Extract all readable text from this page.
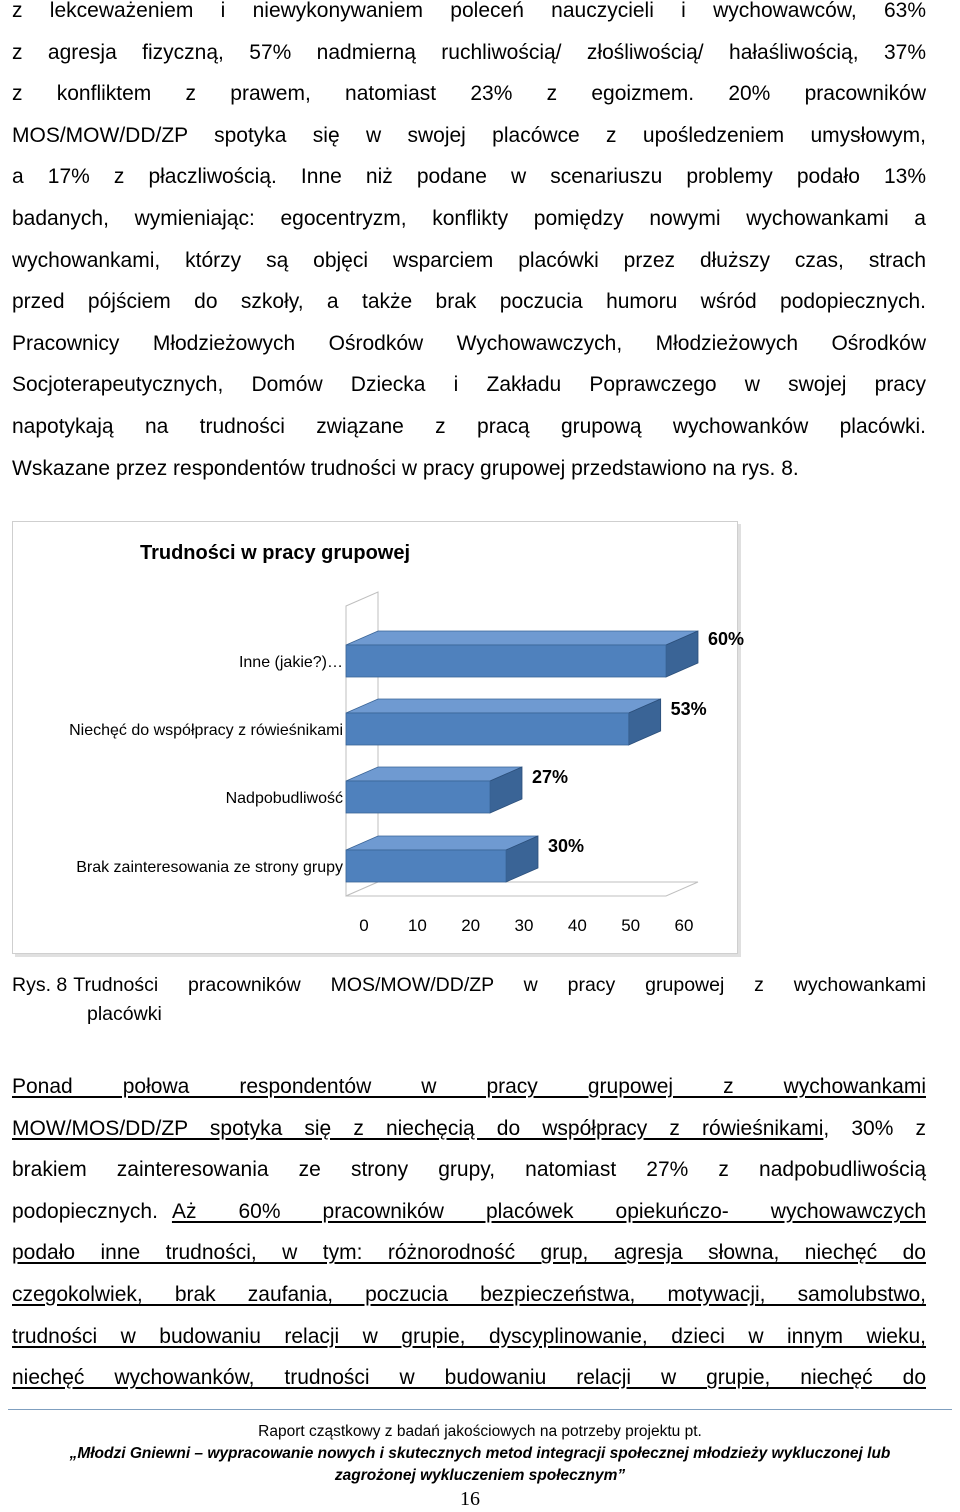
z lekceważeniem i niewykonywaniem poleceń nauczycieli i wychowawców, 63%
z agresja fizyczną, 57% nadmierną ruchliwością/ złośliwością/ hałaśliwością, 37%
z konfliktem z prawem, natomiast 23% z egoizmem. 20% pracowników
MOS/MOW/DD/ZP spotyka się w swojej placówce z upośledzeniem umysłowym,
a 17% z płaczliwością. Inne niż podane w scenariuszu problemy podało 13%
badanych, wymieniając: egocentryzm, konflikty pomiędzy nowymi wychowankami a
wychowankami, którzy są objęci wsparciem placówki przez dłuższy czas, strach
przed pójściem do szkoły, a także brak poczucia humoru wśród podopiecznych.
Pracownicy Młodzieżowych Ośrodków Wychowawczych, Młodzieżowych Ośrodków
Socjoterapeutycznych, Domów Dziecka i Zakładu Poprawczego w swojej pracy
napotykają na trudności związane z pracą grupową wychowanków placówki.
Wskazane przez respondentów trudności w pracy grupowej przedstawiono na rys. 8.
Trudności w pracy grupowej
Inne (jakie?)…
60%
Niechęć do współpracy z rówieśnikami
53%
Nadpobudliwość
27%
Brak zainteresowania ze strony grupy
30%
0 10 20 30 40 50 60
Rys. 8 Trudności pracowników MOS/MOW/DD/ZP w pracy grupowej z wychowankami
placówki
Ponad połowa respondentów w pracy grupowej z wychowankami
MOW/MOS/DD/ZP spotyka się z niechęcią do współpracy z rówieśnikami, 30% z
brakiem zainteresowania ze strony grupy, natomiast 27% z nadpobudliwością
podopiecznych. Aż 60% pracowników placówek opiekuńczo- wychowawczych
podało inne trudności, w tym: różnorodność grup, agresja słowna, niechęć do
czegokolwiek, brak zaufania, poczucia bezpieczeństwa, motywacji, samolubstwo,
trudności w budowaniu relacji w grupie, dyscyplinowanie, dzieci w innym wieku,
niechęć wychowanków, trudności w budowaniu relacji w grupie, niechęć do
Raport cząstkowy z badań jakościowych na potrzeby projektu pt.
„Młodzi Gniewni – wypracowanie nowych i skutecznych metod integracji społecznej młodzieży wykluczonej lub
zagrożonej wykluczeniem społecznym”
16
